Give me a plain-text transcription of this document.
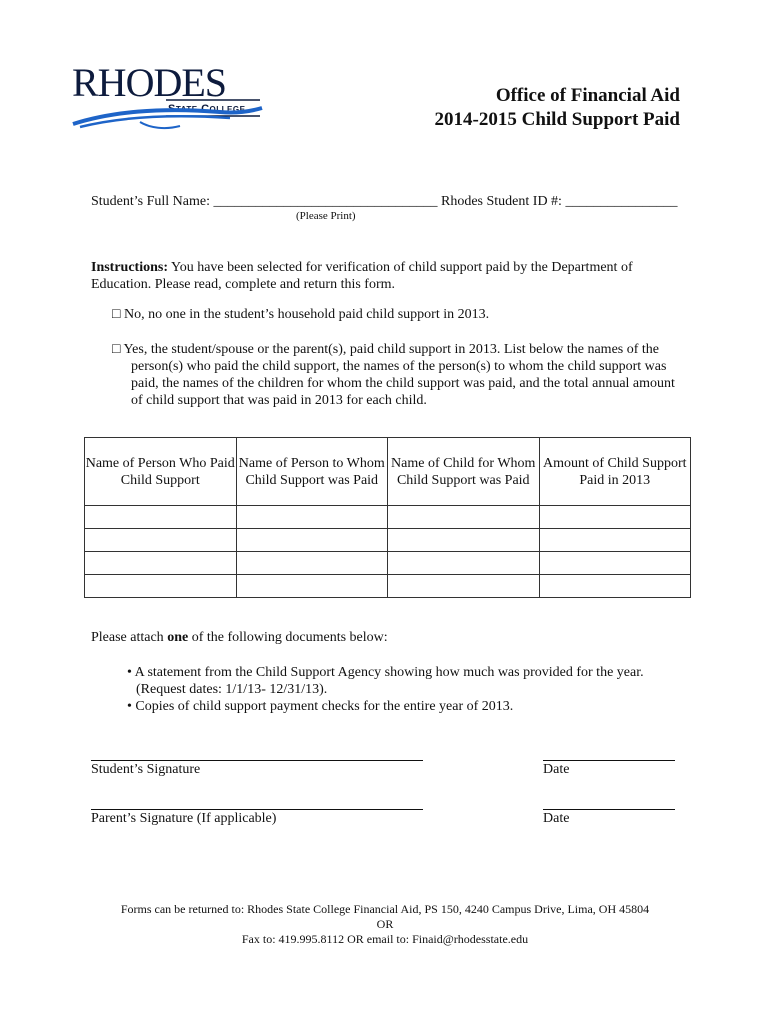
RHODES
State College
Office of Financial Aid
2014-2015 Child Support Paid
Student’s Full Name: ________________________________ Rhodes Student ID #: ________________
(Please Print)
Instructions: You have been selected for verification of child support paid by the Department of Education. Please read, complete and return this form.
□ No, no one in the student’s household paid child support in 2013.
□ Yes, the student/spouse or the parent(s), paid child support in 2013. List below the names of the
person(s) who paid the child support, the names of the person(s) to whom the child support was paid, the names of the children for whom the child support was paid, and the total annual amount of child support that was paid in 2013 for each child.
Name of Person Who Paid Child Support	Name of Person to Whom Child Support was Paid	Name of Child for Whom Child Support was Paid	Amount of Child Support Paid in 2013

Please attach one of the following documents below:
• A statement from the Child Support Agency showing how much was provided for the year.
(Request dates: 1/1/13- 12/31/13).
• Copies of child support payment checks for the entire year of 2013.
Student’s Signature	Date
Parent’s Signature (If applicable)	Date
Forms can be returned to: Rhodes State College Financial Aid, PS 150, 4240 Campus Drive, Lima, OH 45804
OR
Fax to: 419.995.8112 OR email to: Finaid@rhodesstate.edu
